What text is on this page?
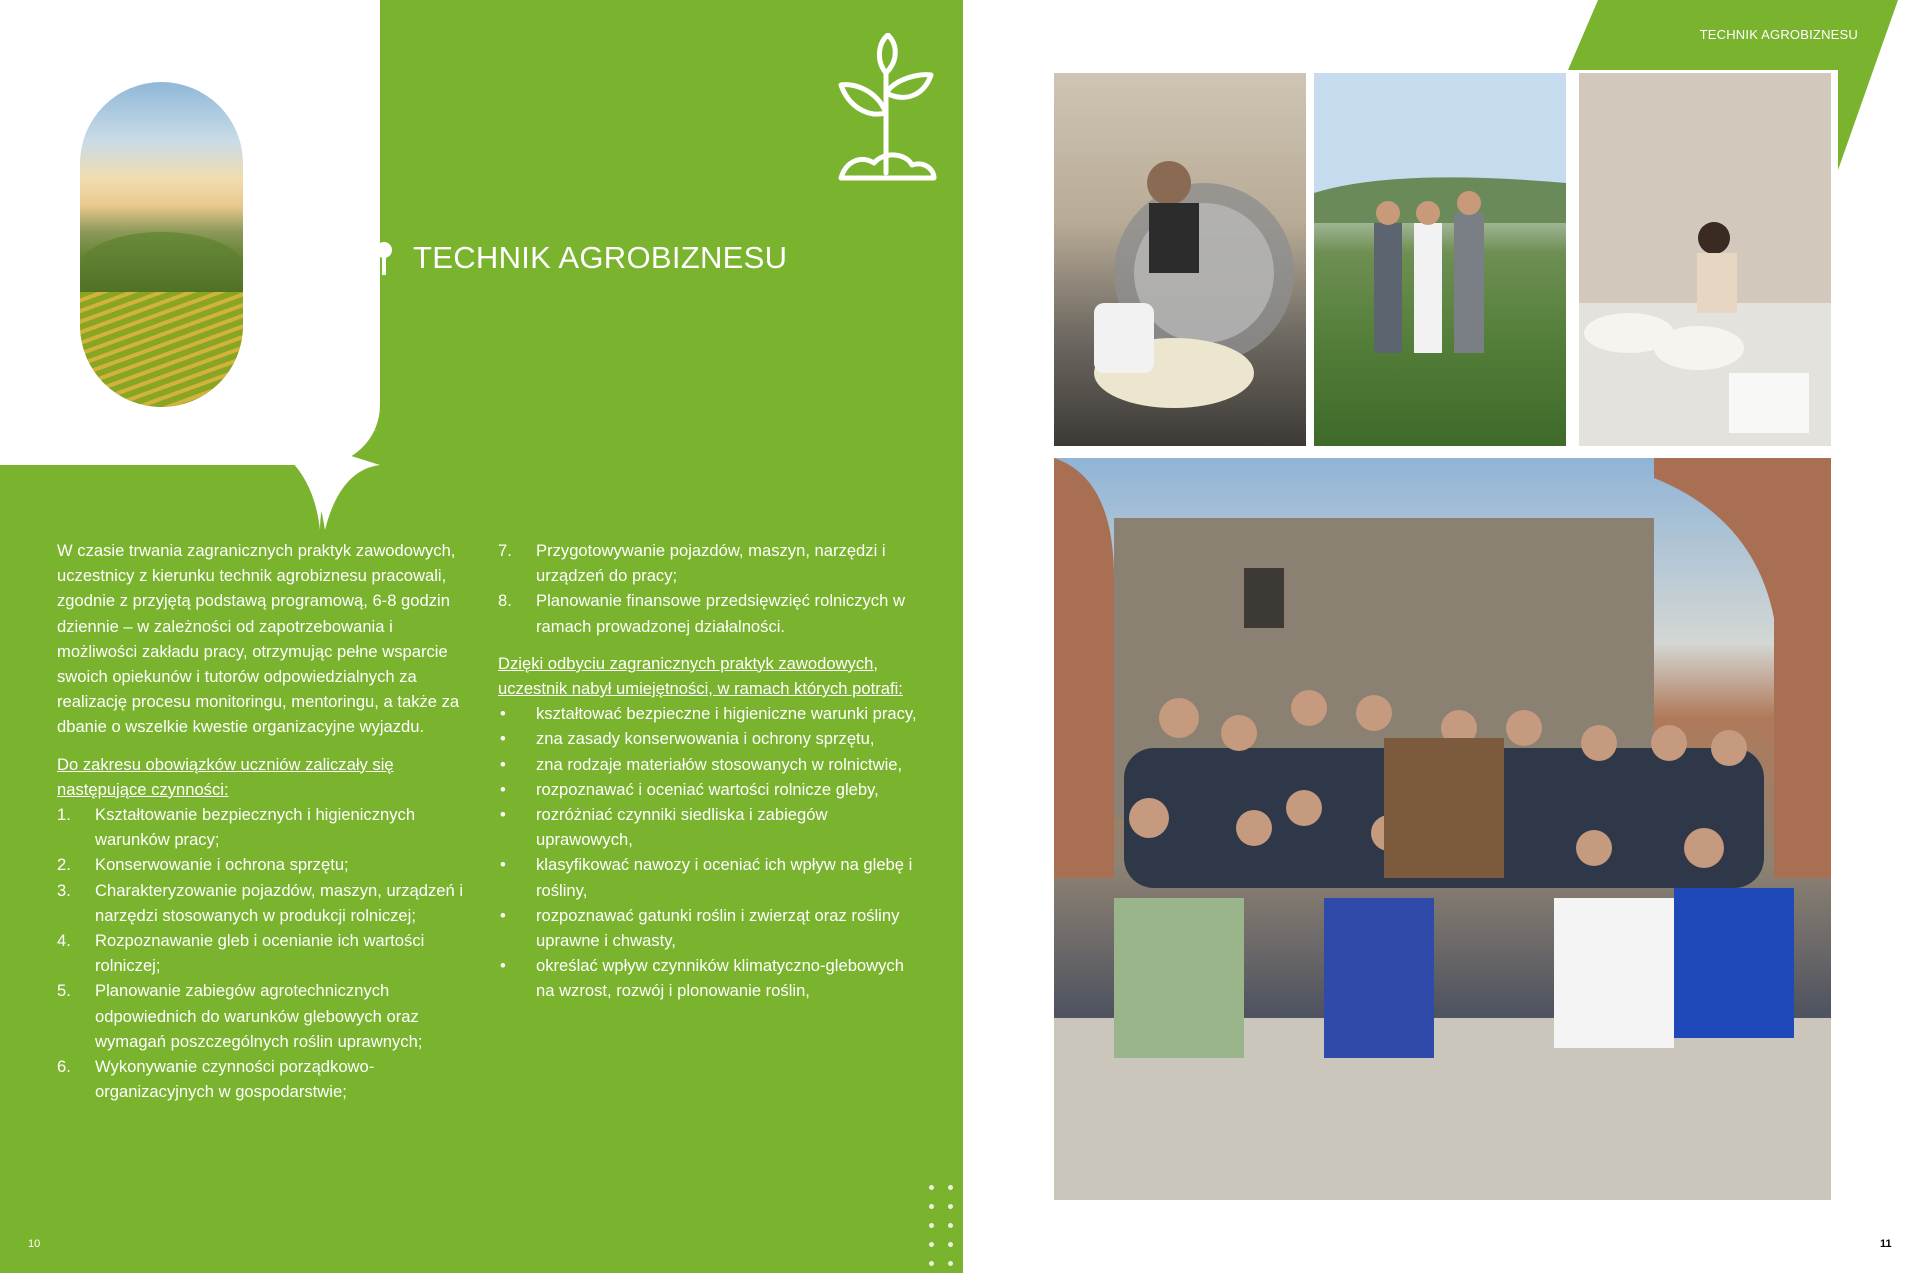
TECHNIK AGROBIZNESU

W czasie trwania zagranicznych praktyk zawodowych, uczestnicy z kierunku technik agrobiznesu pracowali, zgodnie z przyjętą podstawą programową, 6-8 godzin dziennie – w zależności od zapotrzebowania i możliwości zakładu pracy, otrzymując pełne wsparcie swoich opiekunów i tutorów odpowiedzialnych za realizację procesu monitoringu, mentoringu, a także za dbanie o wszelkie kwestie organizacyjne wyjazdu.

Do zakresu obowiązków uczniów zaliczały się następujące czynności:

1.	Kształtowanie bezpiecznych i higienicznych warunków pracy;
2.	Konserwowanie i ochrona sprzętu;
3.	Charakteryzowanie pojazdów, maszyn, urządzeń i narzędzi stosowanych w produkcji rolniczej;
4.	Rozpoznawanie gleb i ocenianie ich wartości rolniczej;
5.	Planowanie zabiegów agrotechnicznych odpowiednich do warunków glebowych oraz wymagań poszczególnych roślin uprawnych;
6.	Wykonywanie czynności porządkowo-organizacyjnych w gospodarstwie;
7.	Przygotowywanie pojazdów, maszyn, narzędzi i urządzeń do pracy;
8.	Planowanie finansowe przedsięwzięć rolniczych w ramach prowadzonej działalności.

Dzięki odbyciu zagranicznych praktyk zawodowych, uczestnik nabył umiejętności, w ramach których potrafi:

•	kształtować bezpieczne i higieniczne warunki pracy,
•	zna zasady konserwowania i ochrony sprzętu,
•	zna rodzaje materiałów stosowanych w rolnictwie,
•	rozpoznawać i oceniać wartości rolnicze gleby,
•	rozróżniać czynniki siedliska i zabiegów uprawowych,
•	klasyfikować nawozy i oceniać ich wpływ na glebę i rośliny,
•	rozpoznawać gatunki roślin i zwierząt oraz rośliny uprawne i chwasty,
•	określać wpływ czynników klimatyczno-glebowych na wzrost, rozwój i plonowanie roślin,
10
TECHNIK AGROBIZNESU
11
